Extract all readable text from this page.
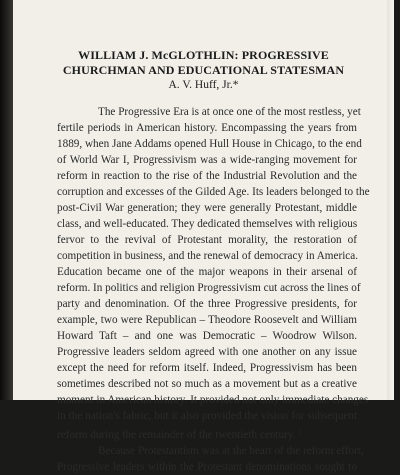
WILLIAM J. McGLOTHLIN: PROGRESSIVE
CHURCHMAN AND EDUCATIONAL STATESMAN
A. V. Huff, Jr.*
The Progressive Era is at once one of the most restless, yet
fertile periods in American history. Encompassing the years from
1889, when Jane Addams opened Hull House in Chicago, to the end
of World War I, Progressivism was a wide-ranging movement for
reform in reaction to the rise of the Industrial Revolution and the
corruption and excesses of the Gilded Age. Its leaders belonged to the
post-Civil War generation; they were generally Protestant, middle
class, and well-educated. They dedicated themselves with religious
fervor to the revival of Protestant morality, the restoration of
competition in business, and the renewal of democracy in America.
Education became one of the major weapons in their arsenal of
reform. In politics and religion Progressivism cut across the lines of
party and denomination. Of the three Progressive presidents, for
example, two were Republican – Theodore Roosevelt and William
Howard Taft – and one was Democratic – Woodrow Wilson.
Progressive leaders seldom agreed with one another on any issue
except the need for reform itself. Indeed, Progressivism has been
sometimes described not so much as a movement but as a creative
moment in American history. It provided not only immediate changes
in the nation's fabric, but it also provided the vision for subsequent
reform during the remainder of the twentieth century. $^1$
Because Protestantism was at the heart of the reform effort,
Progressive leaders within the Protestant denominations sought to
